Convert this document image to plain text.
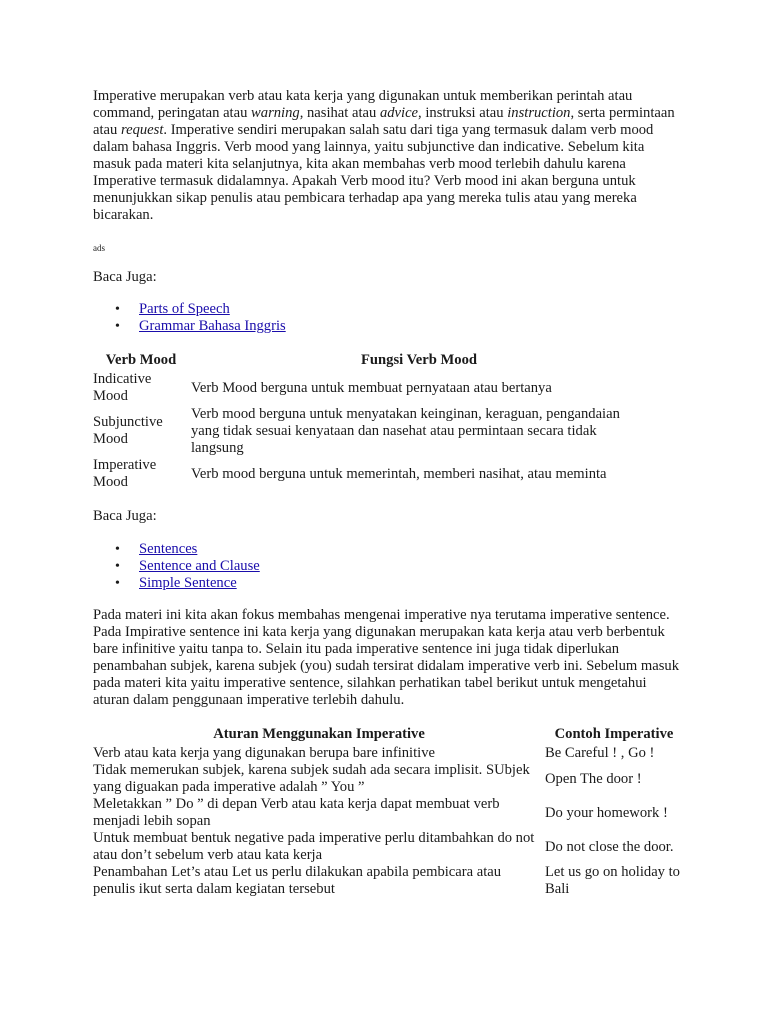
Imperative merupakan verb atau kata kerja yang digunakan untuk memberikan perintah atau command, peringatan atau warning, nasihat atau advice, instruksi atau instruction, serta permintaan atau request. Imperative sendiri merupakan salah satu dari tiga yang termasuk dalam verb mood dalam bahasa Inggris. Verb mood yang lainnya, yaitu subjunctive dan indicative. Sebelum kita masuk pada materi kita selanjutnya, kita akan membahas verb mood terlebih dahulu karena Imperative termasuk didalamnya. Apakah Verb mood itu? Verb mood ini akan berguna untuk menunjukkan sikap penulis atau pembicara terhadap apa yang mereka tulis atau yang mereka bicarakan.

ads

Baca Juga:

• Parts of Speech
• Grammar Bahasa Inggris
Verb Mood	Fungsi Verb Mood
Indicative Mood	Verb Mood berguna untuk membuat pernyataan atau bertanya
Subjunctive Mood	Verb mood berguna untuk menyatakan keinginan, keraguan, pengandaian yang tidak sesuai kenyataan dan nasehat atau permintaan secara tidak langsung
Imperative Mood	Verb mood berguna untuk memerintah, memberi nasihat, atau meminta

Baca Juga:

• Sentences
• Sentence and Clause
• Simple Sentence

Pada materi ini kita akan fokus membahas mengenai imperative nya terutama imperative sentence. Pada Impirative sentence ini kata kerja yang digunakan merupakan kata kerja atau verb berbentuk bare infinitive yaitu tanpa to. Selain itu pada imperative sentence ini juga tidak diperlukan penambahan subjek, karena subjek (you) sudah tersirat didalam imperative verb ini. Sebelum masuk pada materi kita yaitu imperative sentence, silahkan perhatikan tabel berikut untuk mengetahui aturan dalam penggunaan imperative terlebih dahulu.

Aturan Menggunakan Imperative	Contoh Imperative
Verb atau kata kerja yang digunakan berupa bare infinitive	Be Careful ! , Go !
Tidak memerukan subjek, karena subjek sudah ada secara implisit. SUbjek yang diguakan pada imperative adalah ” You ”	Open The door !
Meletakkan ” Do ” di depan Verb atau kata kerja dapat membuat verb menjadi lebih sopan	Do your homework !
Untuk membuat bentuk negative pada imperative perlu ditambahkan do not atau don’t sebelum verb atau kata kerja	Do not close the door.
Penambahan Let’s atau Let us perlu dilakukan apabila pembicara atau penulis ikut serta dalam kegiatan tersebut	Let us go on holiday to Bali
